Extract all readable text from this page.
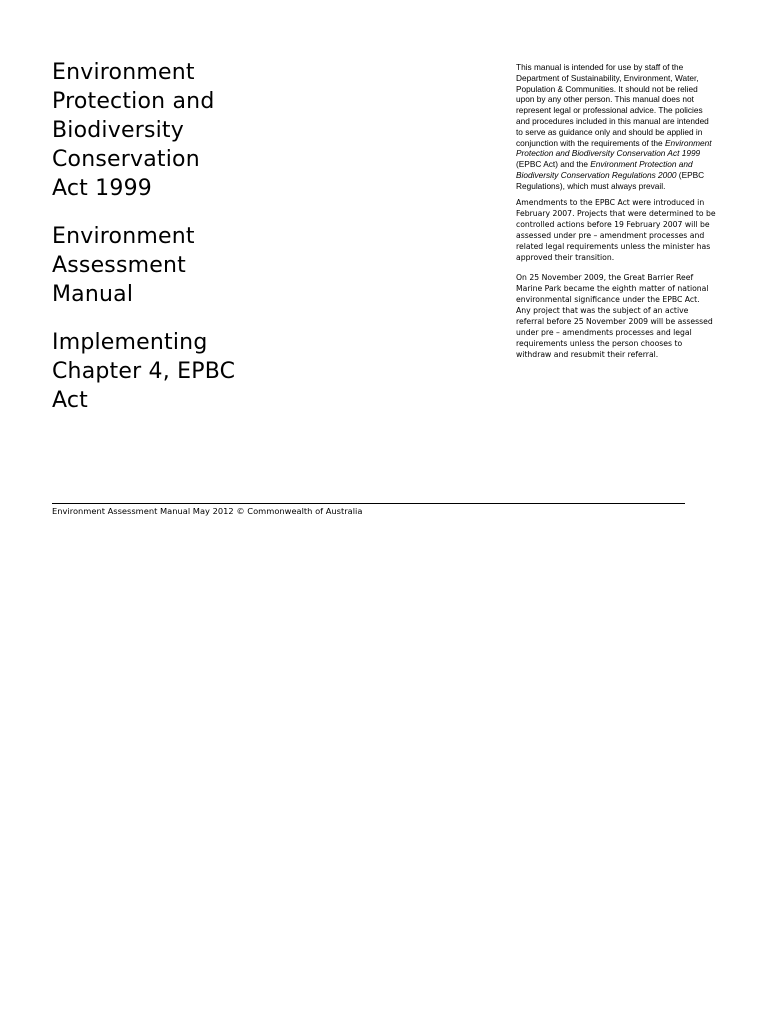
Environment
Protection and
Biodiversity
Conservation
Act 1999
Environment
Assessment
Manual
Implementing
Chapter 4, EPBC
Act

This manual is intended for use by staff of the Department of Sustainability, Environment, Water, Population & Communities. It should not be relied upon by any other person. This manual does not represent legal or professional advice. The policies and procedures included in this manual are intended to serve as guidance only and should be applied in conjunction with the requirements of the Environment Protection and Biodiversity Conservation Act 1999 (EPBC Act) and the Environment Protection and Biodiversity Conservation Regulations 2000 (EPBC Regulations), which must always prevail.

Amendments to the EPBC Act were introduced in February 2007. Projects that were determined to be controlled actions before 19 February 2007 will be assessed under pre – amendment processes and related legal requirements unless the minister has approved their transition.

On 25 November 2009, the Great Barrier Reef Marine Park became the eighth matter of national environmental significance under the EPBC Act. Any project that was the subject of an active referral before 25 November 2009 will be assessed under pre – amendments processes and legal requirements unless the person chooses to withdraw and resubmit their referral.

Environment Assessment Manual May 2012 © Commonwealth of Australia
